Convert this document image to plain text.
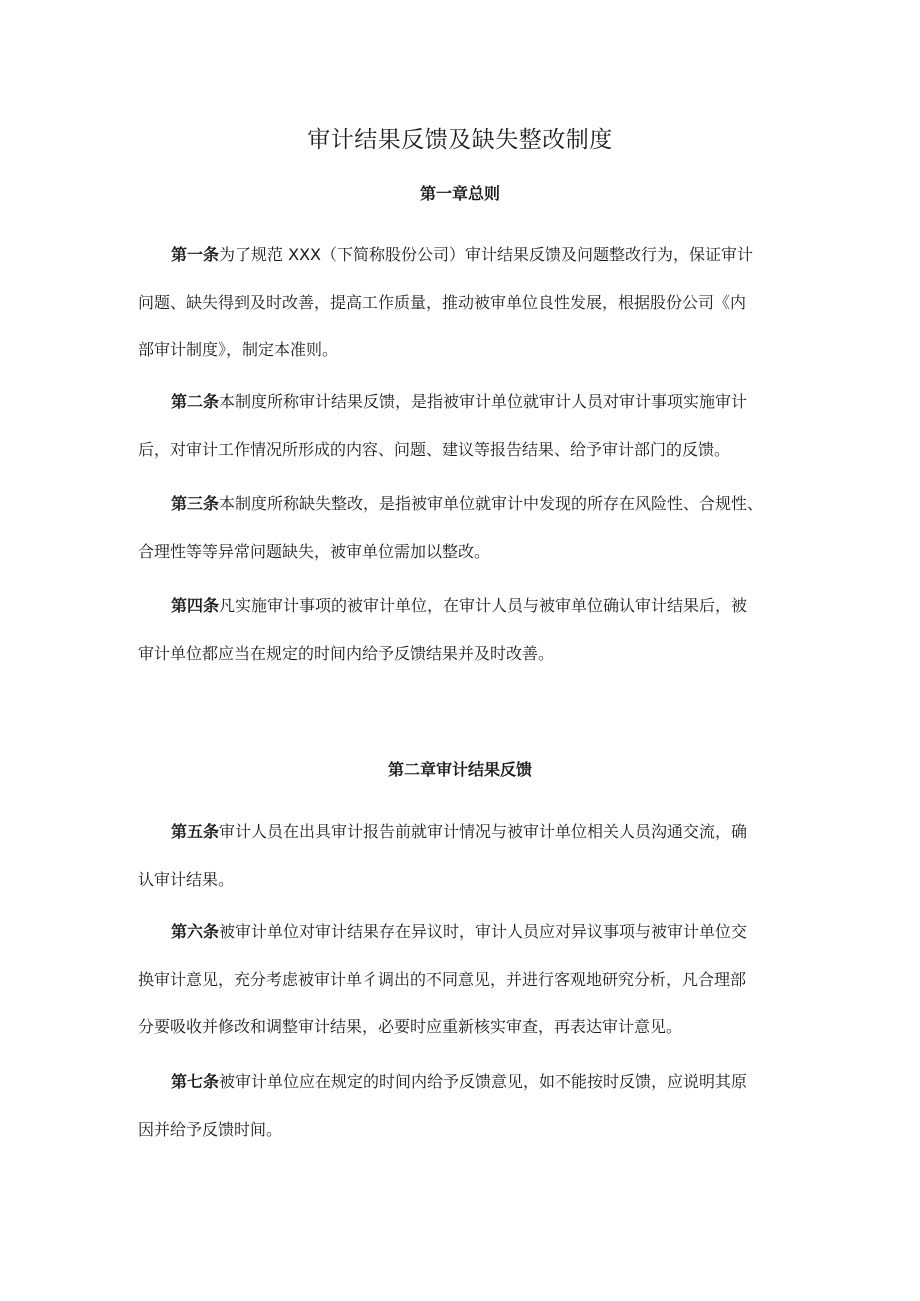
审计结果反馈及缺失整改制度
第一章总则
第一条为了规范 XXX（下简称股份公司）审计结果反馈及问题整改行为，保证审计
问题、缺失得到及时改善，提高工作质量，推动被审单位良性发展，根据股份公司《内
部审计制度》，制定本准则。
第二条本制度所称审计结果反馈，是指被审计单位就审计人员对审计事项实施审计
后，对审计工作情况所形成的内容、问题、建议等报告结果、给予审计部门的反馈。
第三条本制度所称缺失整改，是指被审单位就审计中发现的所存在风险性、合规性、
合理性等等异常问题缺失，被审单位需加以整改。
第四条凡实施审计事项的被审计单位，在审计人员与被审单位确认审计结果后，被
审计单位都应当在规定的时间内给予反馈结果并及时改善。
第二章审计结果反馈
第五条审计人员在出具审计报告前就审计情况与被审计单位相关人员沟通交流，确
认审计结果。
第六条被审计单位对审计结果存在异议时，审计人员应对异议事项与被审计单位交
换审计意见，充分考虑被审计单彳调出的不同意见，并进行客观地研究分析，凡合理部
分要吸收并修改和调整审计结果，必要时应重新核实审查，再表达审计意见。
第七条被审计单位应在规定的时间内给予反馈意见，如不能按时反馈，应说明其原
因并给予反馈时间。
